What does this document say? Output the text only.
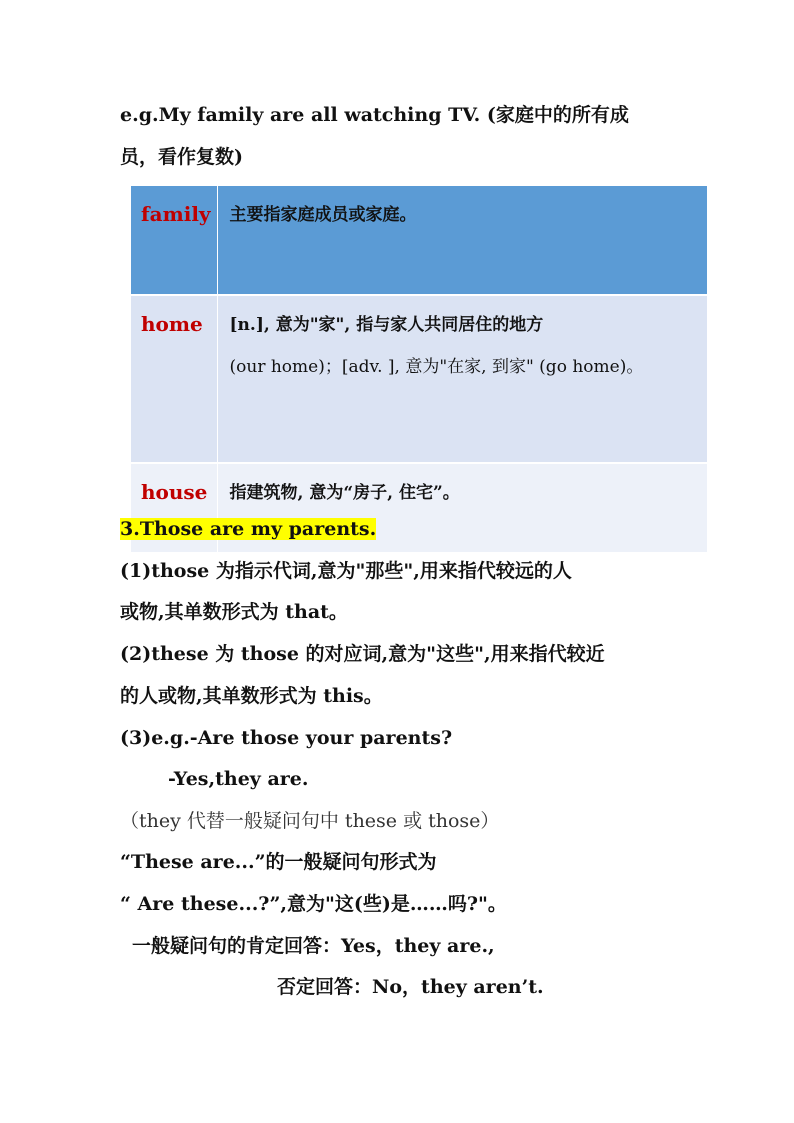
e.g.My family are all watching TV. (家庭中的所有成
员，看作复数)
family	主要指家庭成员或家庭。

home	[n.], 意为"家", 指与家人共同居住的地方
(our home)；[adv. ], 意为"在家, 到家" (go home)。

house	指建筑物, 意为“房子, 住宅”。
3.Those are my parents.
(1)those 为指示代词,意为"那些",用来指代较远的人
或物,其单数形式为 that。
(2)these 为 those 的对应词,意为"这些",用来指代较近
的人或物,其单数形式为 this。
(3)e.g.-Are those your parents?
-Yes,they are.
（they 代替一般疑问句中 these 或 those）
“These are...”的一般疑问句形式为
“ Are these...?”,意为"这(些)是……吗?"。
一般疑问句的肯定回答：Yes，they are.,
否定回答：No，they aren’t.
